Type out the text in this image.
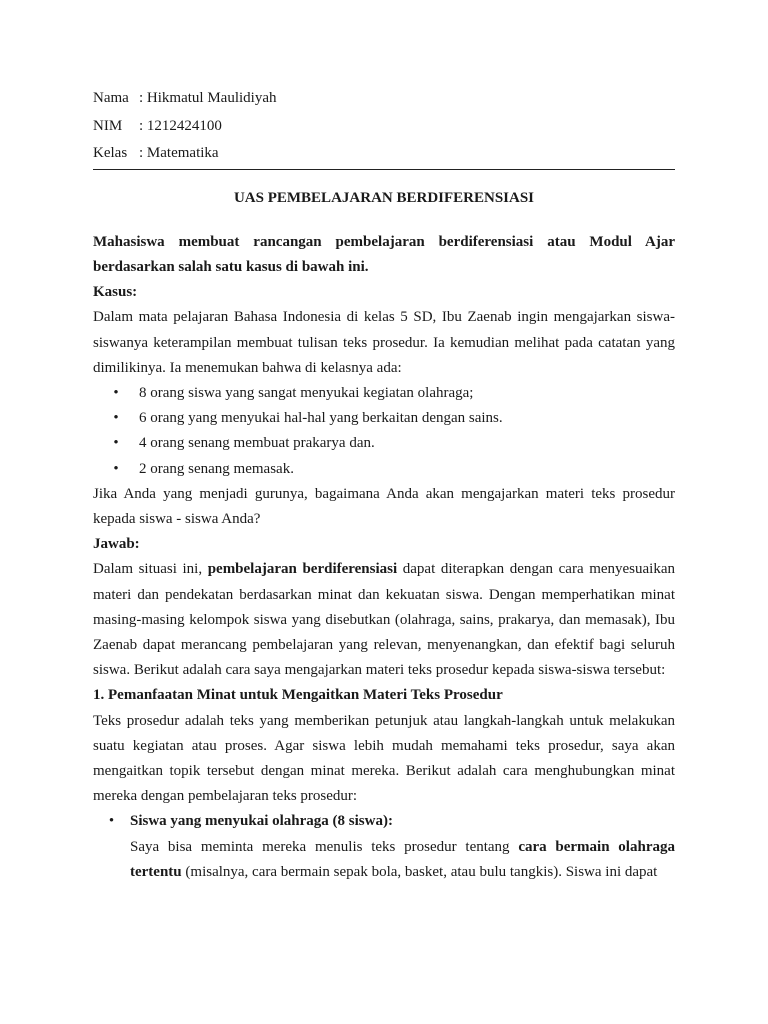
Nama : Hikmatul Maulidiyah
NIM	: 1212424100
Kelas : Matematika
UAS PEMBELAJARAN BERDIFERENSIASI

Mahasiswa membuat rancangan pembelajaran berdiferensiasi atau Modul Ajar berdasarkan salah satu kasus di bawah ini.

Kasus:

Dalam mata pelajaran Bahasa Indonesia di kelas 5 SD, Ibu Zaenab ingin mengajarkan siswa-siswanya keterampilan membuat tulisan teks prosedur. Ia kemudian melihat pada catatan yang dimilikinya. Ia menemukan bahwa di kelasnya ada:

•	8 orang siswa yang sangat menyukai kegiatan olahraga;
•	6 orang yang menyukai hal-hal yang berkaitan dengan sains.
•	4 orang senang membuat prakarya dan.
•	2 orang senang memasak.

Jika Anda yang menjadi gurunya, bagaimana Anda akan mengajarkan materi teks prosedur kepada siswa - siswa Anda?

Jawab:

Dalam situasi ini, pembelajaran berdiferensiasi dapat diterapkan dengan cara menyesuaikan materi dan pendekatan berdasarkan minat dan kekuatan siswa. Dengan memperhatikan minat masing-masing kelompok siswa yang disebutkan (olahraga, sains, prakarya, dan memasak), Ibu Zaenab dapat merancang pembelajaran yang relevan, menyenangkan, dan efektif bagi seluruh siswa. Berikut adalah cara saya mengajarkan materi teks prosedur kepada siswa-siswa tersebut:

1. Pemanfaatan Minat untuk Mengaitkan Materi Teks Prosedur

Teks prosedur adalah teks yang memberikan petunjuk atau langkah-langkah untuk melakukan suatu kegiatan atau proses. Agar siswa lebih mudah memahami teks prosedur, saya akan mengaitkan topik tersebut dengan minat mereka. Berikut adalah cara menghubungkan minat mereka dengan pembelajaran teks prosedur:

•	Siswa yang menyukai olahraga (8 siswa):

Saya bisa meminta mereka menulis teks prosedur tentang cara bermain olahraga tertentu (misalnya, cara bermain sepak bola, basket, atau bulu tangkis). Siswa ini dapat
